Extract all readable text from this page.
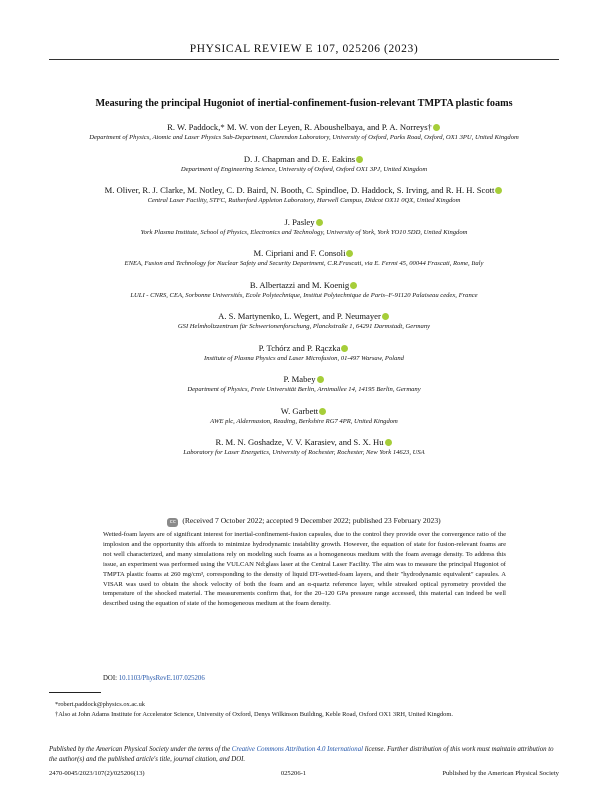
PHYSICAL REVIEW E 107, 025206 (2023)
Measuring the principal Hugoniot of inertial-confinement-fusion-relevant TMPTA plastic foams
R. W. Paddock,* M. W. von der Leyen, R. Aboushelbaya, and P. A. Norreys†
Department of Physics, Atomic and Laser Physics Sub-Department, Clarendon Laboratory, University of Oxford, Parks Road, Oxford, OX1 3PU, United Kingdom
D. J. Chapman and D. E. Eakins
Department of Engineering Science, University of Oxford, Oxford OX1 3PJ, United Kingdom
M. Oliver, R. J. Clarke, M. Notley, C. D. Baird, N. Booth, C. Spindloe, D. Haddock, S. Irving, and R. H. H. Scott
Central Laser Facility, STFC, Rutherford Appleton Laboratory, Harwell Campus, Didcot OX11 0QX, United Kingdom
J. Pasley
York Plasma Institute, School of Physics, Electronics and Technology, University of York, York YO10 5DD, United Kingdom
M. Cipriani and F. Consoli
ENEA, Fusion and Technology for Nuclear Safety and Security Department, C.R.Frascati, via E. Fermi 45, 00044 Frascati, Rome, Italy
B. Albertazzi and M. Koenig
LULI - CNRS, CEA, Sorbonne Universités, Ecole Polytechnique, Institut Polytechnique de Paris–F-91120 Palaiseau cedex, France
A. S. Martynenko, L. Wegert, and P. Neumayer
GSI Helmholtzzentrum für Schwerionenforschung, Planckstraße 1, 64291 Darmstadt, Germany
P. Tchórz and P. Rączka
Institute of Plasma Physics and Laser Microfusion, 01-497 Warsaw, Poland
P. Mabey
Department of Physics, Freie Universität Berlin, Arnimallee 14, 14195 Berlin, Germany
W. Garbett
AWE plc, Aldermaston, Reading, Berkshire RG7 4PR, United Kingdom
R. M. N. Goshadze, V. V. Karasiev, and S. X. Hu
Laboratory for Laser Energetics, University of Rochester, Rochester, New York 14623, USA
cc (Received 7 October 2022; accepted 9 December 2022; published 23 February 2023)
Wetted-foam layers are of significant interest for inertial-confinement-fusion capsules, due to the control they provide over the convergence ratio of the implosion and the opportunity this affords to minimize hydrodynamic instability growth. However, the equation of state for fusion-relevant foams are not well characterized, and many simulations rely on modeling such foams as a homogeneous medium with the foam average density. To address this issue, an experiment was performed using the VULCAN Nd:glass laser at the Central Laser Facility. The aim was to measure the principal Hugoniot of TMPTA plastic foams at 260 mg/cm³, corresponding to the density of liquid DT-wetted-foam layers, and their "hydrodynamic equivalent" capsules. A VISAR was used to obtain the shock velocity of both the foam and an α-quartz reference layer, while streaked optical pyrometry provided the temperature of the shocked material. The measurements confirm that, for the 20–120 GPa pressure range accessed, this material can indeed be well described using the equation of state of the homogeneous medium at the foam density.
DOI: 10.1103/PhysRevE.107.025206

*robert.paddock@physics.ox.ac.uk

†Also at John Adams Institute for Accelerator Science, University of Oxford, Denys Wilkinson Building, Keble Road, Oxford OX1 3RH, United Kingdom.

Published by the American Physical Society under the terms of the Creative Commons Attribution 4.0 International license. Further distribution of this work must maintain attribution to the author(s) and the published article's title, journal citation, and DOI.
2470-0045/2023/107(2)/025206(13)	025206-1	Published by the American Physical Society
